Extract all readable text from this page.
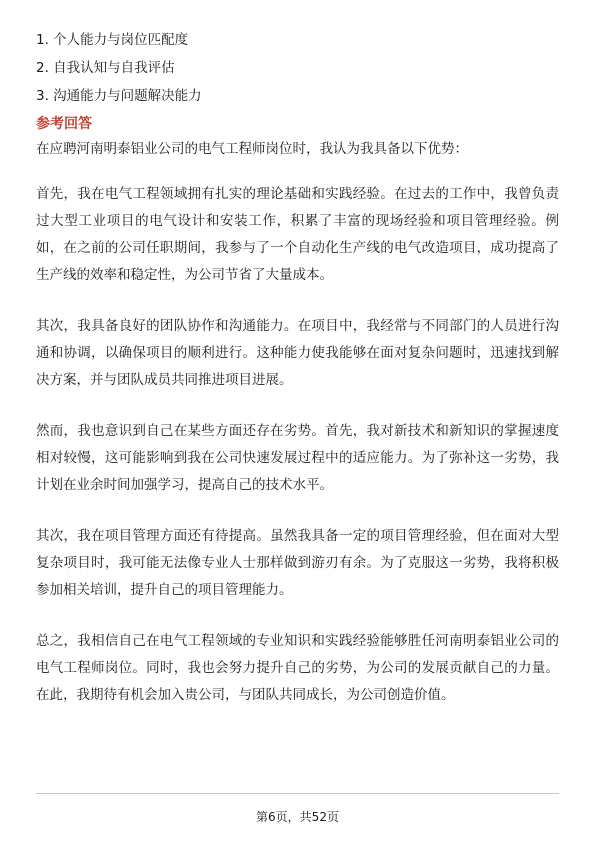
1. 个人能力与岗位匹配度
2. 自我认知与自我评估
3. 沟通能力与问题解决能力
参考回答

在应聘河南明泰铝业公司的电气工程师岗位时，我认为我具备以下优势：

首先，我在电气工程领域拥有扎实的理论基础和实践经验。在过去的工作中，我曾负责过大型工业项目的电气设计和安装工作，积累了丰富的现场经验和项目管理经验。例如，在之前的公司任职期间，我参与了一个自动化生产线的电气改造项目，成功提高了生产线的效率和稳定性，为公司节省了大量成本。

其次，我具备良好的团队协作和沟通能力。在项目中，我经常与不同部门的人员进行沟通和协调，以确保项目的顺利进行。这种能力使我能够在面对复杂问题时，迅速找到解决方案，并与团队成员共同推进项目进展。

然而，我也意识到自己在某些方面还存在劣势。首先，我对新技术和新知识的掌握速度相对较慢，这可能影响到我在公司快速发展过程中的适应能力。为了弥补这一劣势，我计划在业余时间加强学习，提高自己的技术水平。

其次，我在项目管理方面还有待提高。虽然我具备一定的项目管理经验，但在面对大型复杂项目时，我可能无法像专业人士那样做到游刃有余。为了克服这一劣势，我将积极参加相关培训，提升自己的项目管理能力。

总之，我相信自己在电气工程领域的专业知识和实践经验能够胜任河南明泰铝业公司的电气工程师岗位。同时，我也会努力提升自己的劣势，为公司的发展贡献自己的力量。在此，我期待有机会加入贵公司，与团队共同成长，为公司创造价值。

第6页，共52页
